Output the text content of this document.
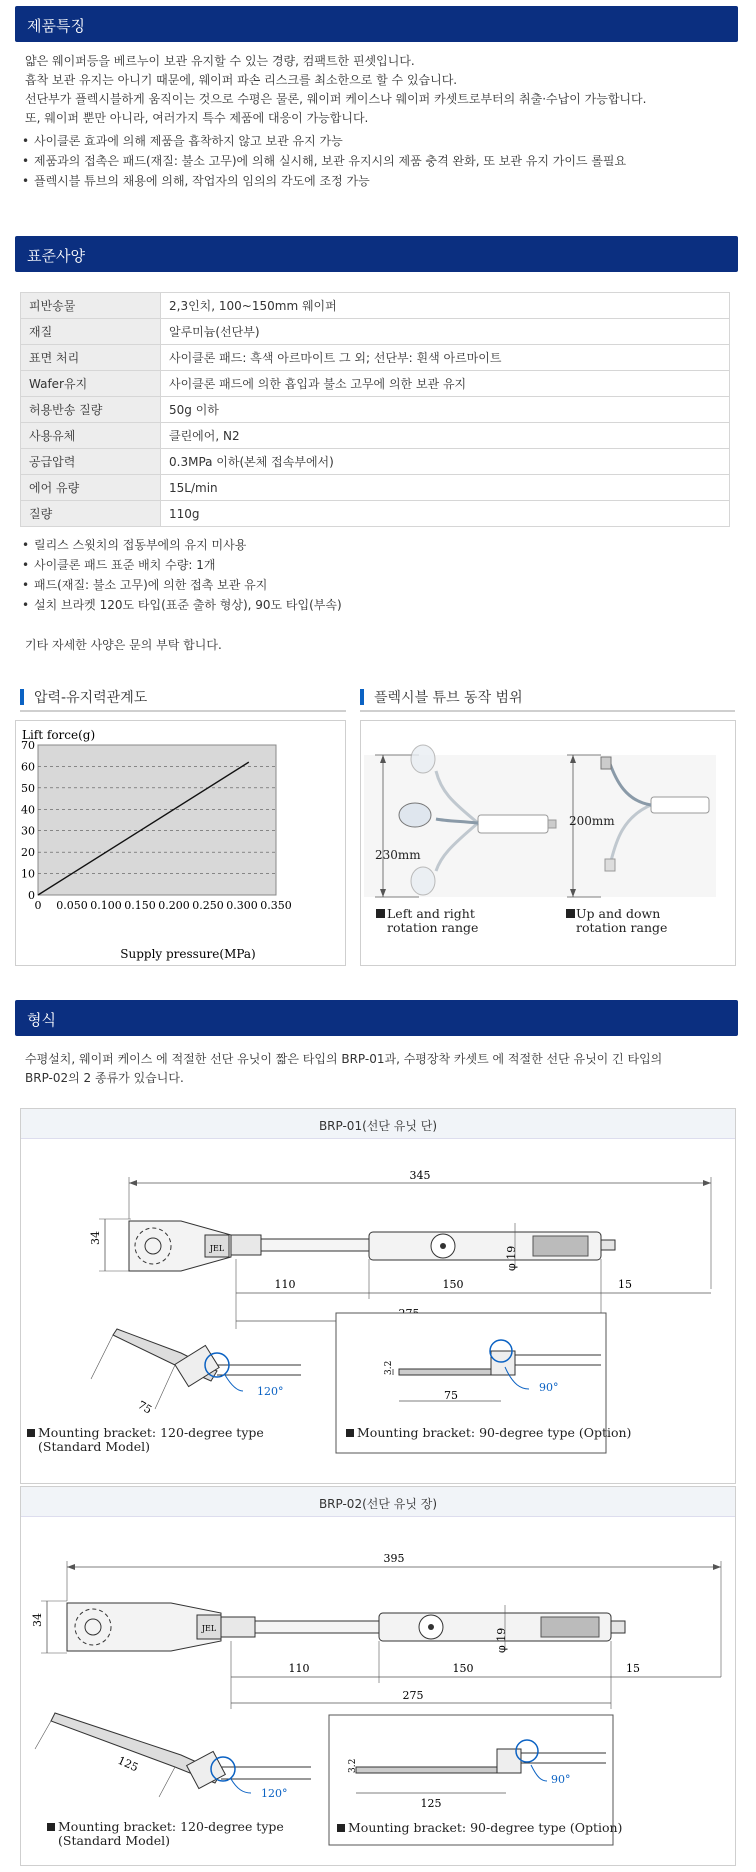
제품특징
얇은 웨이퍼등을 베르누이 보관 유지할 수 있는 경량, 컴팩트한 핀셋입니다.
흡착 보관 유지는 아니기 때문에, 웨이퍼 파손 리스크를 최소한으로 할 수 있습니다.
선단부가 플렉시블하게 움직이는 것으로 수평은 물론, 웨이퍼 케이스나 웨이퍼 카셋트로부터의 취출·수납이 가능합니다.
또, 웨이퍼 뿐만 아니라, 여러가지 특수 제품에 대응이 가능합니다.
• 사이클론 효과에 의해 제품을 흡착하지 않고 보관 유지 가능
• 제품과의 접촉은 패드(재질: 불소 고무)에 의해 실시해, 보관 유지시의 제품 충격 완화, 또 보관 유지 가이드 롤필요
• 플렉시블 튜브의 채용에 의해, 작업자의 임의의 각도에 조정 가능
표준사양
피반송물	2,3인치, 100~150mm 웨이퍼
재질	알루미늄(선단부)
표면 처리	사이클론 패드: 흑색 아르마이트 그 외; 선단부: 흰색 아르마이트
Wafer유지	사이클론 패드에 의한 흡입과 불소 고무에 의한 보관 유지
허용반송 질량	50g 이하
사용유체	클린에어, N2
공급압력	0.3MPa 이하(본체 접속부에서)
에어 유량	15L/min
질량	110g
• 릴리스 스윗치의 접동부에의 유지 미사용
• 사이클론 패드 표준 배치 수량: 1개
• 패드(재질: 불소 고무)에 의한 접촉 보관 유지
• 설치 브라켓 120도 타입(표준 출하 형상), 90도 타입(부속)
기타 자세한 사양은 문의 부탁 합니다.
압력-유지력관계도	플렉시블 튜브 동작 범위
Lift force(g)
Supply pressure(MPa)
0
10
20
30
40
50
60
70
0 0.050 0.100 0.150 0.200 0.250 0.300 0.350
230mm
200mm
Left and right
rotation range
Up and down
rotation range
형식
수평설치, 웨이퍼 케이스 에 적절한 선단 유닛이 짧은 타입의 BRP-01과, 수평장착 카셋트 에 적절한 선단 유닛이 긴 타입의
BRP-02의 2 종류가 있습니다.
BRP-01(선단 유닛 단)
345
34
JEL	φ 19
110	150	15
120°
75
Mounting bracket: 120-degree type
(Standard Model)
90°
3.2
75
Mounting bracket: 90-degree type (Option)
BRP-02(선단 유닛 장)
395
34
JEL	φ 19
110	150	15
275
120°
125
Mounting bracket: 120-degree type
(Standard Model)
90°
3.2
125
Mounting bracket: 90-degree type (Option)
